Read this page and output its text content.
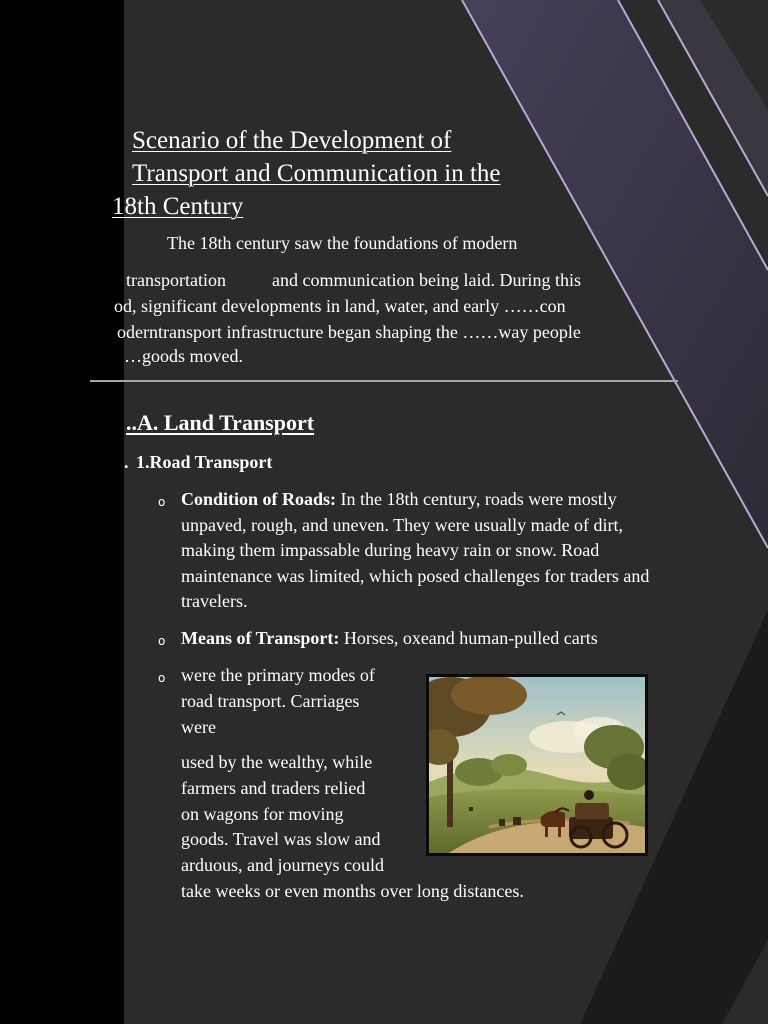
Scenario of the Development of
Transport and Communication in the
18th Century
The 18th century saw the foundations of modern
transportation	and communication being laid. During this
od, significant developments in land, water, and early ……con
oderntransport infrastructure began shaping the ……way people
…goods moved.
..A. Land Transport
. 1.Road Transport
o Condition of Roads: In the 18th century, roads were mostly unpaved, rough, and uneven. They were usually made of dirt, making them impassable during heavy rain or snow. Road maintenance was limited, which posed challenges for traders and travelers.
o Means of Transport: Horses, oxeand human-pulled carts
o were the primary modes of
road transport. Carriages
were
used by the wealthy, while
farmers and traders relied
on wagons for moving
goods. Travel was slow and
arduous, and journeys could
take weeks or even months over long distances.
